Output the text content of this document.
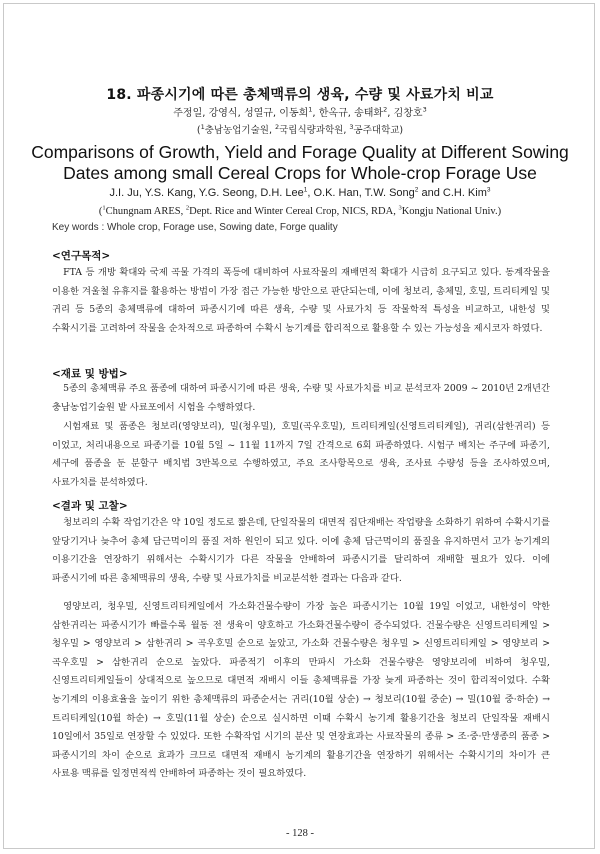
18. 파종시기에 따른 총체맥류의 생육, 수량 및 사료가치 비교
주정일, 강영식, 성열규, 이동희$^1$, 한옥규, 송태화$^2$, 김창호$^3$
($^1$충남농업기술원, $^2$국립식량과학원, $^3$공주대학교)
Comparisons of Growth, Yield and Forage Quality at Different Sowing
Dates among small Cereal Crops for Whole-crop Forage Use
J.I. Ju, Y.S. Kang, Y.G. Seong, D.H. Lee$^1$, O.K. Han, T.W. Song$^2$ and C.H. Kim$^3$
($^1$Chungnam ARES, $^2$Dept. Rice and Winter Cereal Crop, NICS, RDA, $^3$Kongju National Univ.)
Key words : Whole crop, Forage use, Sowing date, Forge quality
<연구목적>
FTA 등 개방 확대와 국제 곡물 가격의 폭등에 대비하여 사료작물의 재배면적 확대가 시급히 요구되고 있다. 동계작물을 이용한 겨울철 유휴지를 활용하는 방법이 가장 접근 가능한 방안으로 판단되는데, 이에 청보리, 총체밀, 호밀, 트리티케일 및 귀리 등 5종의 총체맥류에 대하여 파종시기에 따른 생육, 수량 및 사료가치 등 작물학적 특성을 비교하고, 내한성 및 수확시기를 고려하여 작물을 순차적으로 파종하여 수확시 농기계를 합리적으로 활용할 수 있는 가능성을 제시코자 하였다.
<재료 및 방법>
5종의 총체맥류 주요 품종에 대하여 파종시기에 따른 생육, 수량 및 사료가치를 비교 분석코자 2009 ~ 2010년 2개년간 충남농업기술원 밭 사료포에서 시험을 수행하였다.
시험재료 및 품종은 청보리(영양보리), 밀(청우밀), 호밀(곡우호밀), 트리티케일(신영트리티케일), 귀리(삼한귀리) 등 이었고, 처리내용으로 파종기를 10월 5일 ~ 11월 11까지 7일 간격으로 6회 파종하였다. 시험구 배치는 주구에 파종기, 세구에 품종을 둔 분할구 배치법 3반복으로 수행하였고, 주요 조사항목으로 생육, 조사료 수량성 등을 조사하였으며, 사료가치를 분석하였다.
<결과 및 고찰>
청보리의 수확 작업기간은 약 10일 정도로 짧은데, 단일작물의 대면적 집단재배는 작업량을 소화하기 위하여 수확시기를 앞당기거나 늦추어 총체 담근먹이의 품질 저하 원인이 되고 있다. 이에 총체 담근먹이의 품질을 유지하면서 고가 농기계의 이용기간을 연장하기 위해서는 수확시기가 다른 작물을 안배하여 파종시기를 달리하여 재배할 필요가 있다. 이에 파종시기에 따른 총체맥류의 생육, 수량 및 사료가치를 비교분석한 결과는 다음과 같다.
영양보리, 청우밀, 신영트리티케일에서 가소화건물수량이 가장 높은 파종시기는 10월 19일 이었고, 내한성이 약한 삼한귀리는 파종시기가 빠를수록 월동 전 생육이 양호하고 가소화건물수량이 증수되었다. 건물수량은 신영트리티케일 > 청우밀 > 영양보리 > 삼한귀리 > 곡우호밀 순으로 높았고, 가소화 건물수량은 청우밀 > 신영트리티케일 > 영양보리 > 곡우호밀 > 삼한귀리 순으로 높았다. 파종적기 이후의 만파시 가소화 건물수량은 영양보리에 비하여 청우밀, 신영트리티케일들이 상대적으로 높으므로 대면적 재배시 이들 총체맥류를 가장 늦게 파종하는 것이 합리적이었다. 수확 농기계의 이용효율을 높이기 위한 총체맥류의 파종순서는 귀리(10월 상순) → 청보리(10월 중순) → 밀(10월 중·하순) → 트리티케일(10월 하순) → 호밀(11월 상순) 순으로 실시하면 이때 수확시 농기계 활용기간을 청보리 단일작물 재배시 10일에서 35일로 연장할 수 있었다. 또한 수확작업 시기의 분산 및 연장효과는 사료작물의 종류 > 조·중·만생종의 품종 > 파종시기의 차이 순으로 효과가 크므로 대면적 재배시 농기계의 활용기간을 연장하기 위해서는 수확시기의 차이가 큰 사료용 맥류를 일정면적씩 안배하여 파종하는 것이 필요하였다.
- 128 -
